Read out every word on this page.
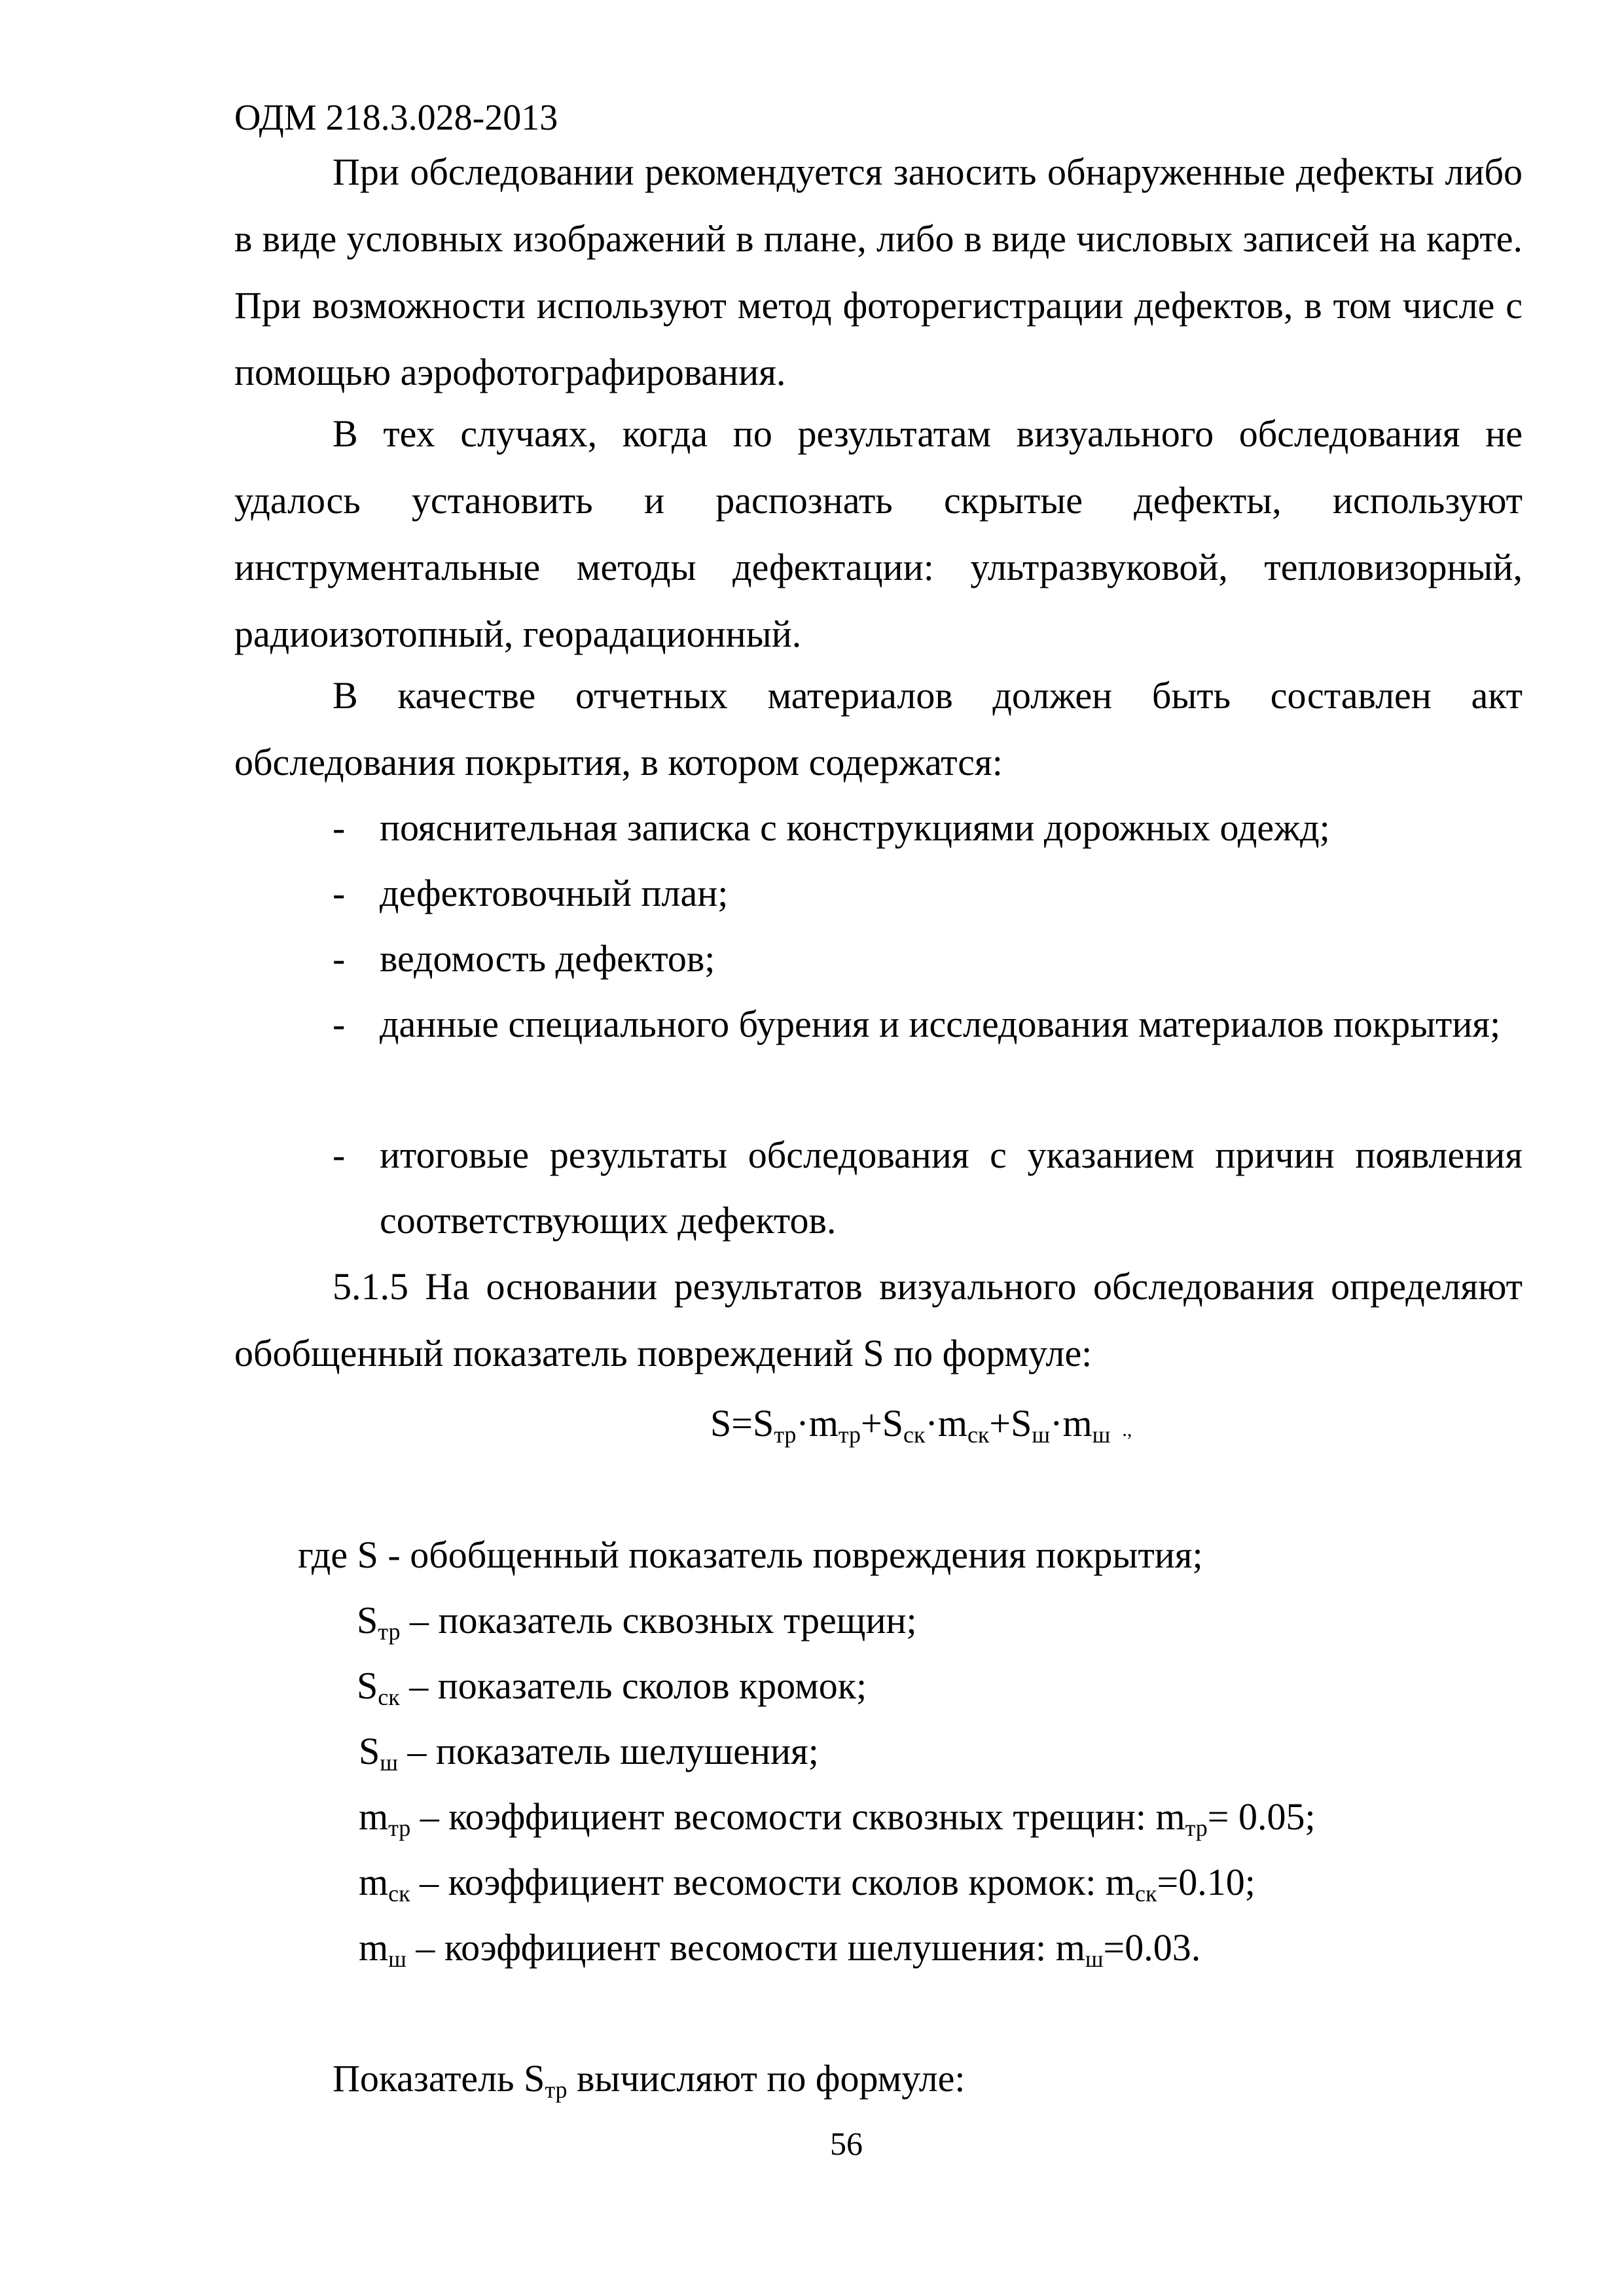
ОДМ 218.3.028-2013
При обследовании рекомендуется заносить обнаруженные дефекты либо в виде условных изображений в плане, либо в виде числовых записей на карте. При возможности используют метод фоторегистрации дефектов, в том числе с помощью аэрофотографирования.
В тех случаях, когда по результатам визуального обследования не удалось установить и распознать скрытые дефекты, используют инструментальные методы дефектации: ультразвуковой, тепловизорный, радиоизотопный, георадационный.
В качестве отчетных материалов должен быть составлен акт обследования покрытия, в котором содержатся:
- пояснительная записка с конструкциями дорожных одежд;
- дефектовочный план;
- ведомость дефектов;
- данные специального бурения и исследования материалов покрытия;
- итоговые результаты обследования с указанием причин появления соответствующих дефектов.
5.1.5 На основании результатов визуального обследования определяют обобщенный показатель повреждений S по формуле:
$S=S_{тр}\cdot m_{тр}+S_{ск}\cdot m_{ск}+S_ш\cdot m_ш$ .,
где S - обобщенный показатель повреждения покрытия;
$S_{тр}$ – показатель сквозных трещин;
$S_{ск}$ – показатель сколов кромок;
$S_ш$ – показатель шелушения;
$m_{тр}$ – коэффициент весомости сквозных трещин: $m_{тр}= 0.05$;
$m_{ск}$ – коэффициент весомости сколов кромок: $m_{ск}=0.10$;
$m_ш$ – коэффициент весомости шелушения: $m_ш=0.03$.
Показатель $S_{тр}$ вычисляют по формуле:
56
